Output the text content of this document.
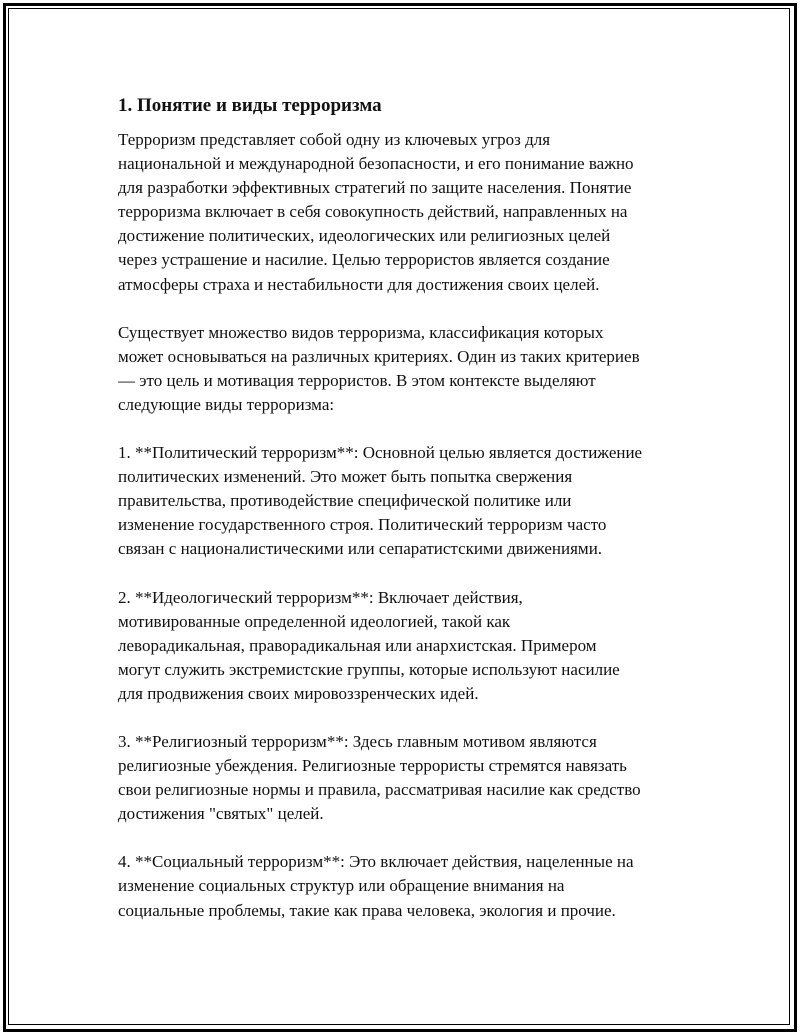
1. Понятие и виды терроризма
Терроризм представляет собой одну из ключевых угроз для
национальной и международной безопасности, и его понимание важно
для разработки эффективных стратегий по защите населения. Понятие
терроризма включает в себя совокупность действий, направленных на
достижение политических, идеологических или религиозных целей
через устрашение и насилие. Целью террористов является создание
атмосферы страха и нестабильности для достижения своих целей.
Существует множество видов терроризма, классификация которых
может основываться на различных критериях. Один из таких критериев
— это цель и мотивация террористов. В этом контексте выделяют
следующие виды терроризма:
1. **Политический терроризм**: Основной целью является достижение
политических изменений. Это может быть попытка свержения
правительства, противодействие специфической политике или
изменение государственного строя. Политический терроризм часто
связан с националистическими или сепаратистскими движениями.
2. **Идеологический терроризм**: Включает действия,
мотивированные определенной идеологией, такой как
леворадикальная, праворадикальная или анархистская. Примером
могут служить экстремистские группы, которые используют насилие
для продвижения своих мировоззренческих идей.
3. **Религиозный терроризм**: Здесь главным мотивом являются
религиозные убеждения. Религиозные террористы стремятся навязать
свои религиозные нормы и правила, рассматривая насилие как средство
достижения "святых" целей.
4. **Социальный терроризм**: Это включает действия, нацеленные на
изменение социальных структур или обращение внимания на
социальные проблемы, такие как права человека, экология и прочие.
